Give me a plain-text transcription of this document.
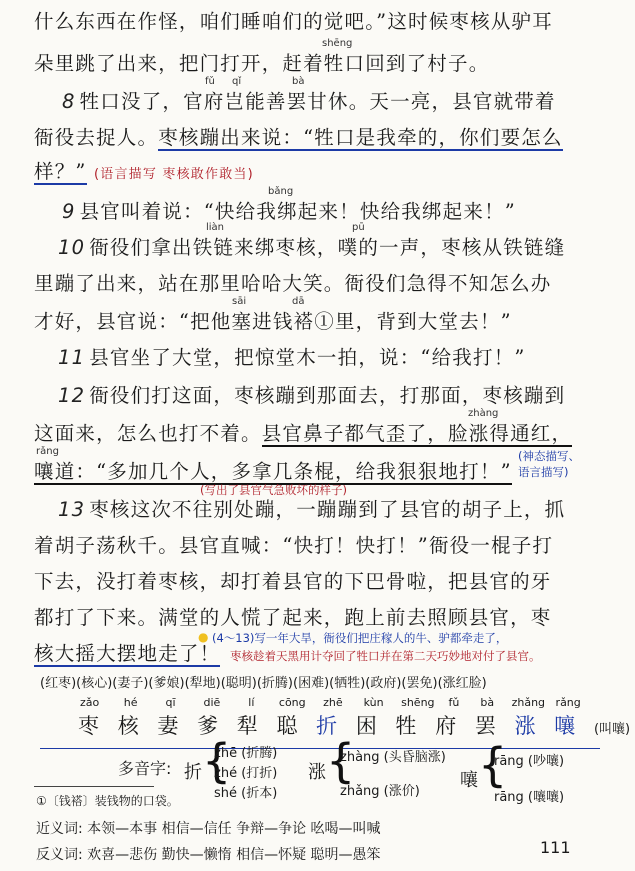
什么东西在作怪，咱们睡咱们的觉吧。”这时候枣核从驴耳
shēng
朵里跳了出来，把门打开，赶着牲口回到了村子。
fǔ qǐ	bà
8 牲口没了，官府岂能善罢甘休。天一亮，县官就带着
衙役去捉人。枣核蹦出来说：“牲口是我牵的，你们要怎么
样？” (语言描写 枣核敢作敢当)
bǎng
9 县官叫着说：“快给我绑起来！快给我绑起来！”
liàn	pū
10 衙役们拿出铁链来绑枣核，噗的一声，枣核从铁链缝
里蹦了出来，站在那里哈哈大笑。衙役们急得不知怎么办
sāi	dā
才好，县官说：“把他塞进钱褡①里，背到大堂去！”
11 县官坐了大堂，把惊堂木一拍，说：“给我打！”
12 衙役们打这面，枣核蹦到那面去，打那面，枣核蹦到
zhàng
这面来，怎么也打不着。县官鼻子都气歪了，脸涨得通红，
rǎng
嚷道：“多加几个人，多拿几条棍，给我狠狠地打！”
(神态描写、
语言描写)
(写出了县官气急败坏的样子)
13 枣核这次不往别处蹦，一蹦蹦到了县官的胡子上，抓
着胡子荡秋千。县官直喊：“快打！快打！”衙役一棍子打
下去，没打着枣核，却打着县官的下巴骨啦，把县官的牙
都打了下来。满堂的人慌了起来，跑上前去照顾县官，枣
核大摇大摆地走了！
● (4～13)写一年大旱，衙役们把庄稼人的牛、驴都牵走了，
枣核趁着天黑用计夺回了牲口并在第二天巧妙地对付了县官。
(红枣)(核心)(妻子)(爹娘)(犁地)(聪明)(折腾)(困难)(牺牲)(政府)(罢免)(涨红脸)
zǎo hé	qī	diē	lí cōng zhē kùn shēng fǔ bà zhǎng rǎng
枣 核 妻 爹 犁 聪 折 困 牲 府 罢 涨 嚷 (叫嚷)
多音字: 折 {
zhē (折腾)
zhé (打折)
shé (折本)
涨 {
zhàng (头昏脑涨)
zhǎng (涨价)
嚷 {
rāng (吵嚷)
rāng (嚷嚷)
①〔钱褡〕装钱物的口袋。
近义词: 本领—本事 相信—信任 争辩—争论 吆喝—叫喊
反义词: 欢喜—悲伤 勤快—懒惰 相信—怀疑 聪明—愚笨	111
